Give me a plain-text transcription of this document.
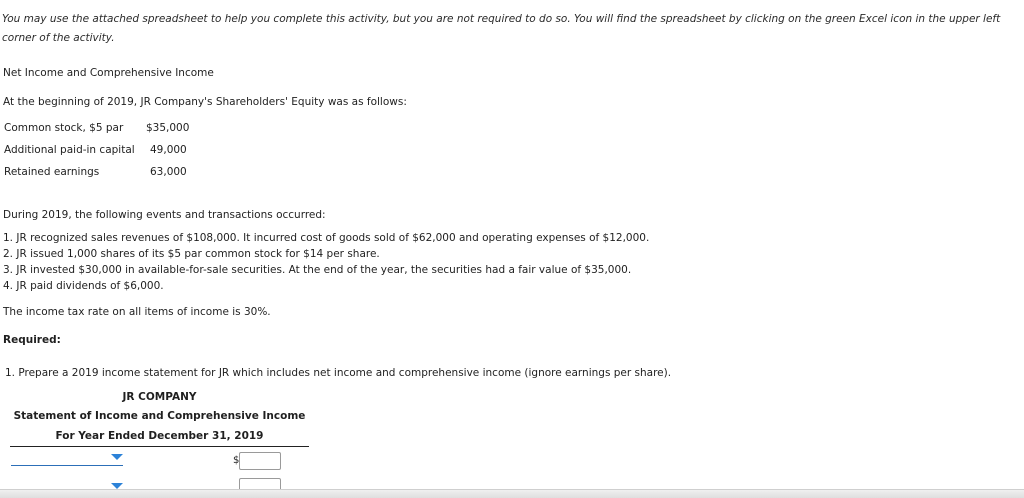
You may use the attached spreadsheet to help you complete this activity, but you are not required to do so. You will find the spreadsheet by clicking on the green Excel icon in the upper left corner of the activity.
Net Income and Comprehensive Income
At the beginning of 2019, JR Company's Shareholders' Equity was as follows:
Common stock, $5 par $35,000
Additional paid-in capital 49,000
Retained earnings	63,000
During 2019, the following events and transactions occurred:
1. JR recognized sales revenues of $108,000. It incurred cost of goods sold of $62,000 and operating expenses of $12,000.
2. JR issued 1,000 shares of its $5 par common stock for $14 per share.
3. JR invested $30,000 in available-for-sale securities. At the end of the year, the securities had a fair value of $35,000.
4. JR paid dividends of $6,000.
The income tax rate on all items of income is 30%.
Required:
1. Prepare a 2019 income statement for JR which includes net income and comprehensive income (ignore earnings per share).
JR COMPANY
Statement of Income and Comprehensive Income
For Year Ended December 31, 2019
$
